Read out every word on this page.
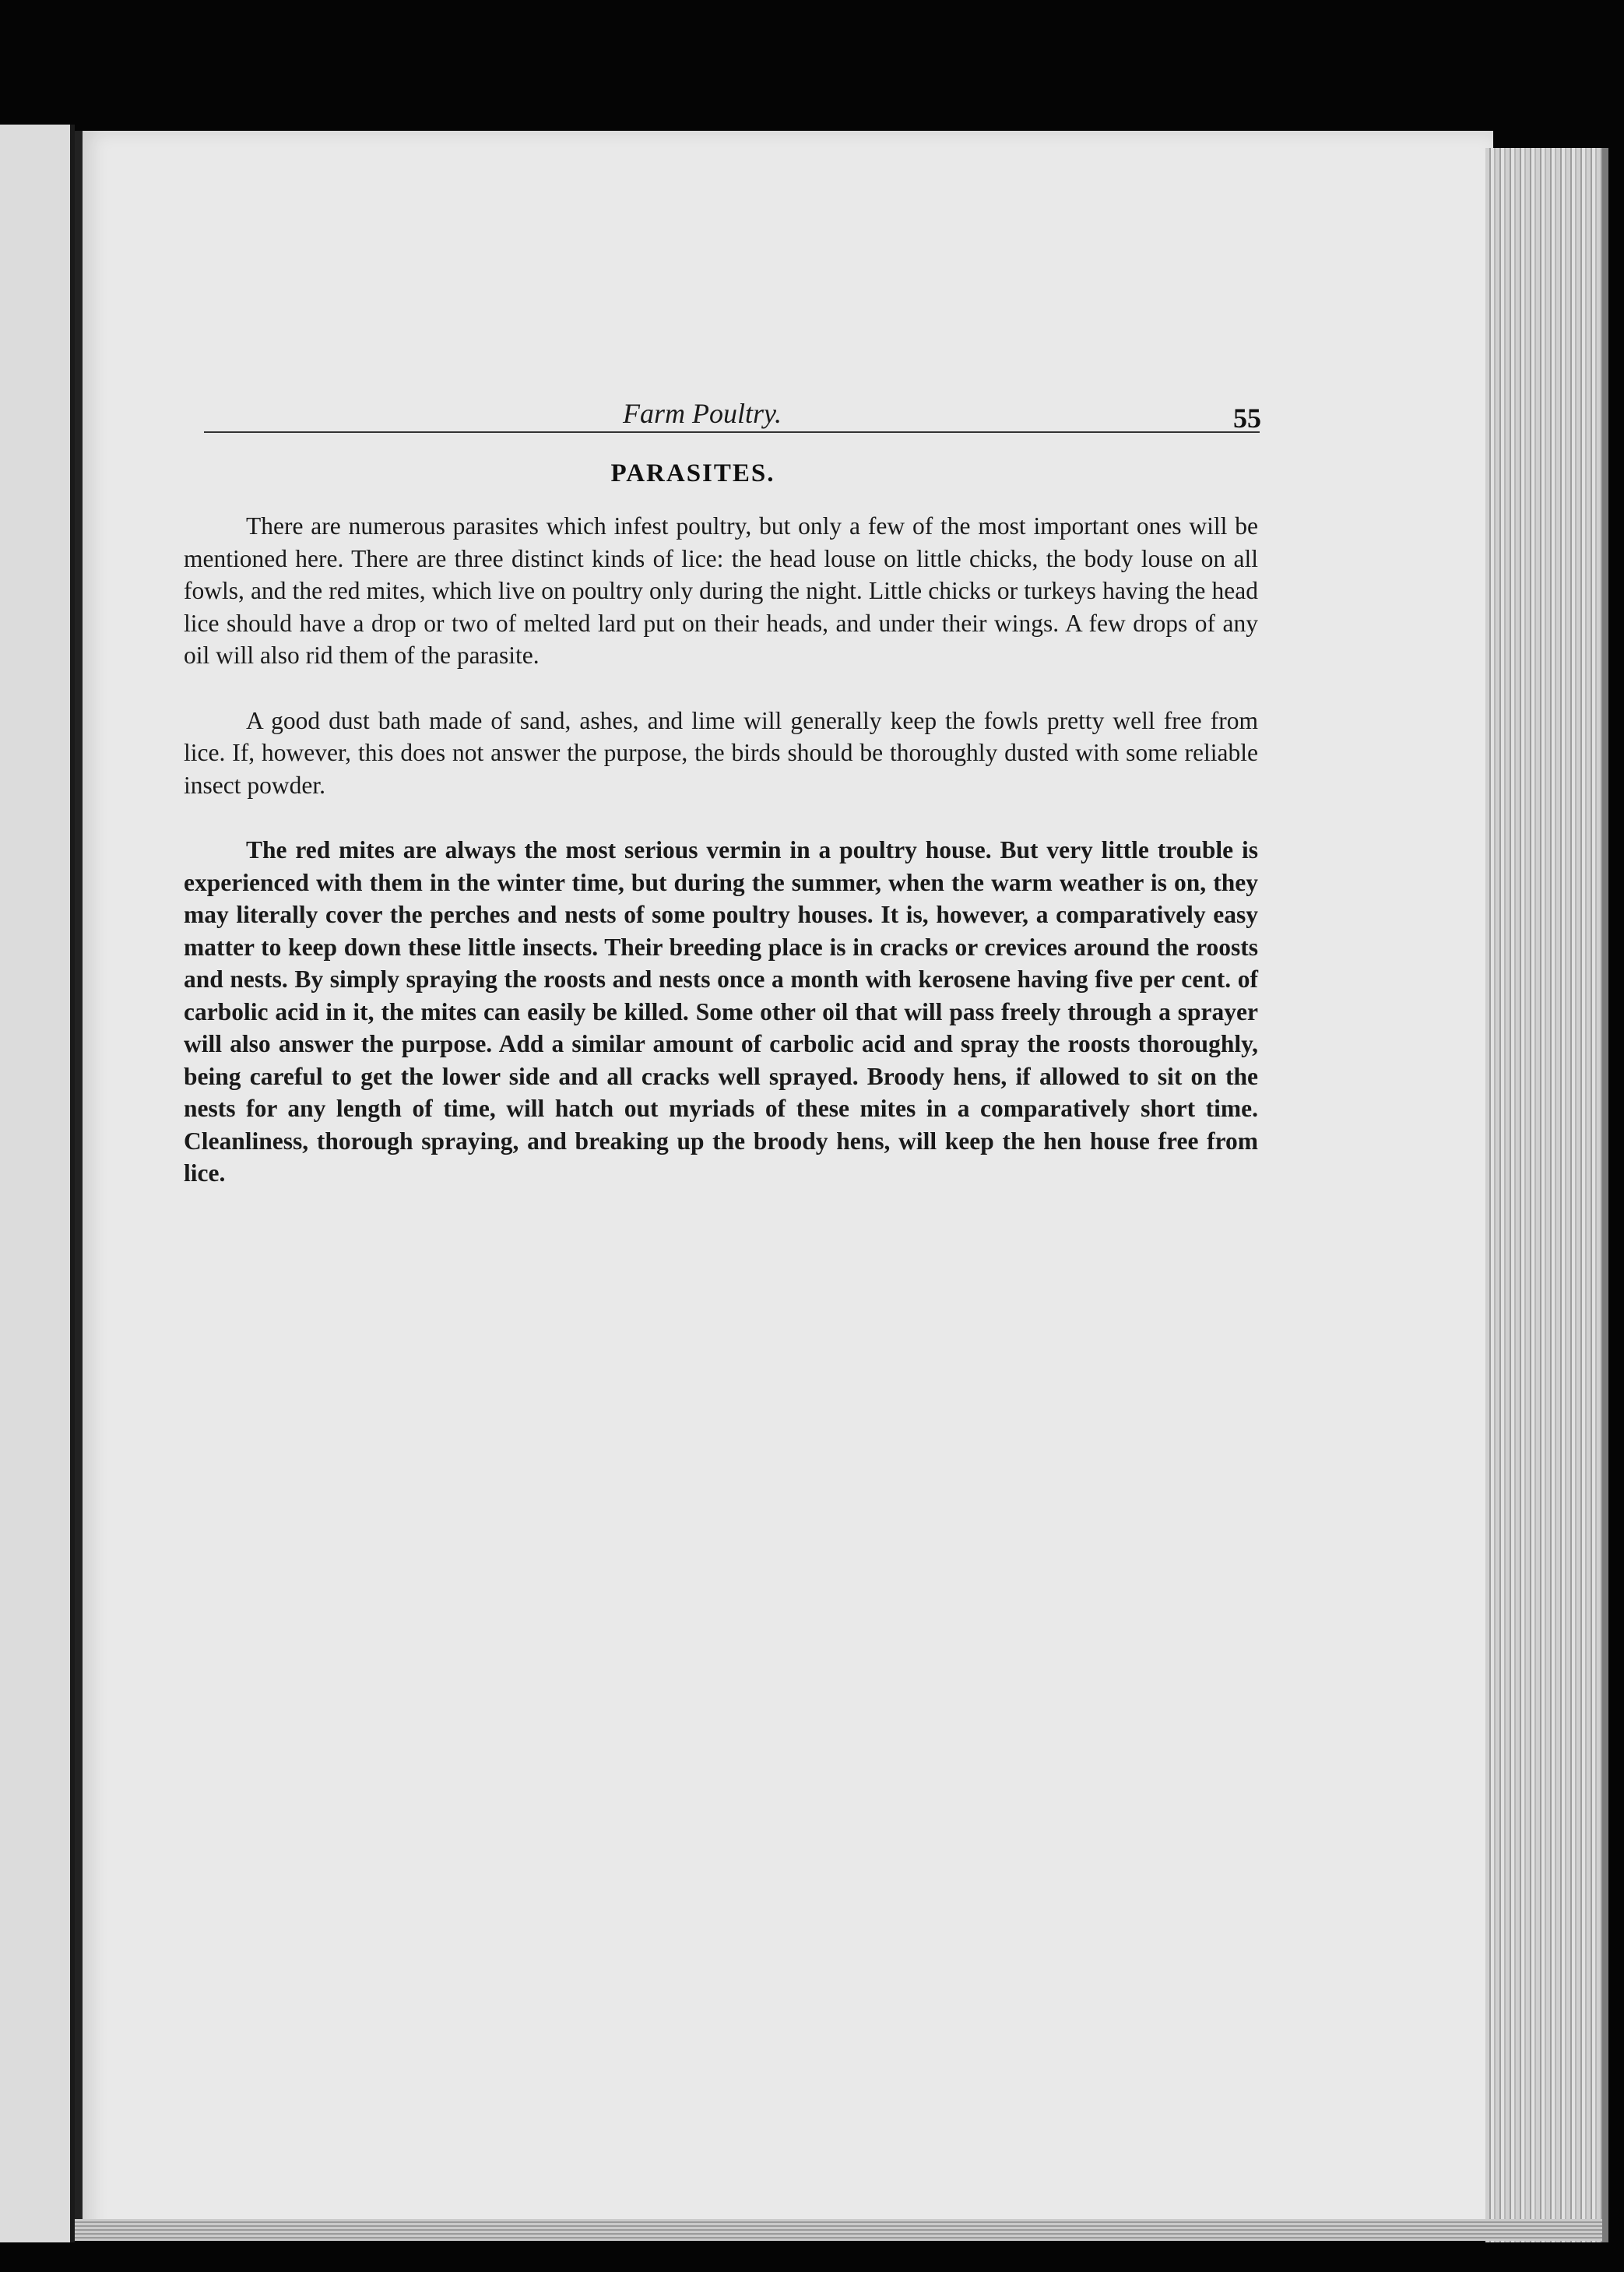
Farm Poultry.	55
PARASITES.

There are numerous parasites which infest poultry, but only a few of the most important ones will be mentioned here. There are three distinct kinds of lice: the head louse on little chicks, the body louse on all fowls, and the red mites, which live on poultry only during the night. Little chicks or turkeys having the head lice should have a drop or two of melted lard put on their heads, and under their wings. A few drops of any oil will also rid them of the parasite.

A good dust bath made of sand, ashes, and lime will generally keep the fowls pretty well free from lice. If, however, this does not answer the purpose, the birds should be thoroughly dusted with some reliable insect powder.

The red mites are always the most serious vermin in a poultry house. But very little trouble is experienced with them in the winter time, but during the summer, when the warm weather is on, they may literally cover the perches and nests of some poultry houses. It is, however, a comparatively easy matter to keep down these little insects. Their breeding place is in cracks or crevices around the roosts and nests. By simply spraying the roosts and nests once a month with kerosene having five per cent. of carbolic acid in it, the mites can easily be killed. Some other oil that will pass freely through a sprayer will also answer the purpose. Add a similar amount of carbolic acid and spray the roosts thoroughly, being careful to get the lower side and all cracks well sprayed. Broody hens, if allowed to sit on the nests for any length of time, will hatch out myriads of these mites in a comparatively short time. Cleanliness, thorough spraying, and breaking up the broody hens, will keep the hen house free from lice.
